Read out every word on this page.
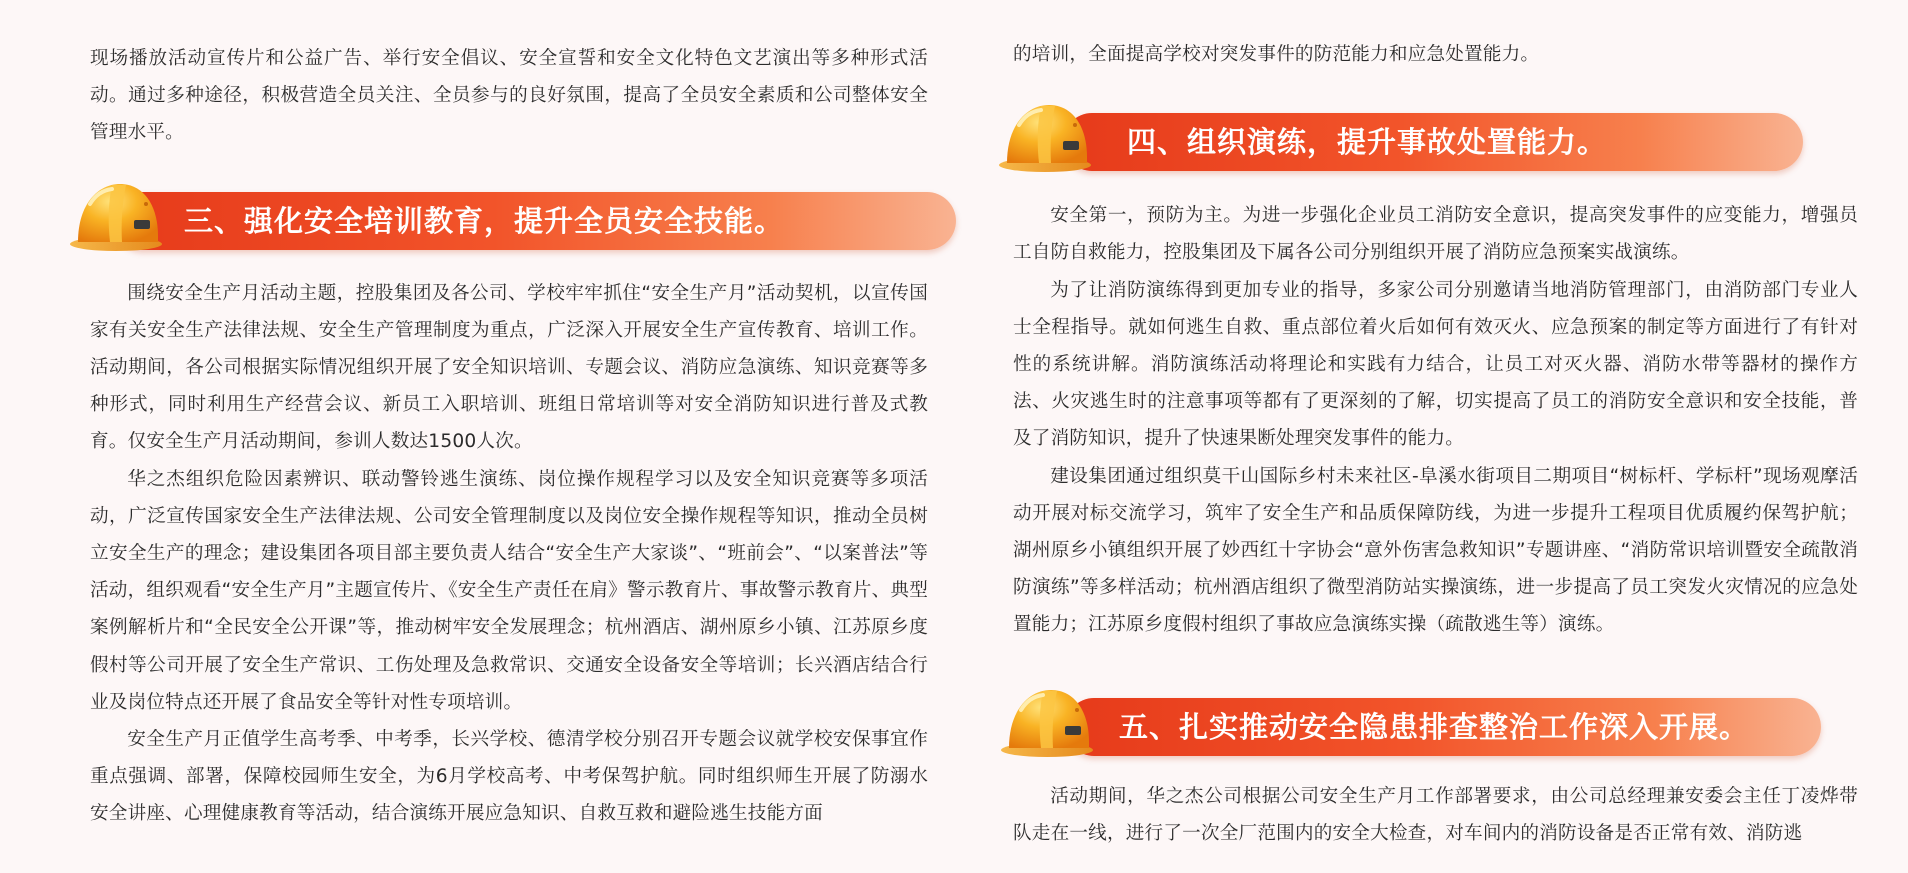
现场播放活动宣传片和公益广告、举行安全倡议、安全宣誓和安全文化特色文艺演出等多种形式活动。通过多种途径，积极营造全员关注、全员参与的良好氛围，提高了全员安全素质和公司整体安全管理水平。

三、强化安全培训教育，提升全员安全技能。

围绕安全生产月活动主题，控股集团及各公司、学校牢牢抓住“安全生产月”活动契机，以宣传国家有关安全生产法律法规、安全生产管理制度为重点，广泛深入开展安全生产宣传教育、培训工作。活动期间，各公司根据实际情况组织开展了安全知识培训、专题会议、消防应急演练、知识竞赛等多种形式，同时利用生产经营会议、新员工入职培训、班组日常培训等对安全消防知识进行普及式教育。仅安全生产月活动期间，参训人数达1500人次。

华之杰组织危险因素辨识、联动警铃逃生演练、岗位操作规程学习以及安全知识竞赛等多项活动，广泛宣传国家安全生产法律法规、公司安全管理制度以及岗位安全操作规程等知识，推动全员树立安全生产的理念；建设集团各项目部主要负责人结合“安全生产大家谈”、“班前会”、“以案普法”等活动，组织观看“安全生产月”主题宣传片、《安全生产责任在肩》警示教育片、事故警示教育片、典型案例解析片和“全民安全公开课”等，推动树牢安全发展理念；杭州酒店、湖州原乡小镇、江苏原乡度假村等公司开展了安全生产常识、工伤处理及急救常识、交通安全设备安全等培训；长兴酒店结合行业及岗位特点还开展了食品安全等针对性专项培训。

安全生产月正值学生高考季、中考季，长兴学校、德清学校分别召开专题会议就学校安保事宜作重点强调、部署，保障校园师生安全，为6月学校高考、中考保驾护航。同时组织师生开展了防溺水安全讲座、心理健康教育等活动，结合演练开展应急知识、自救互救和避险逃生技能方面

的培训，全面提高学校对突发事件的防范能力和应急处置能力。

四、组织演练，提升事故处置能力。

安全第一，预防为主。为进一步强化企业员工消防安全意识，提高突发事件的应变能力，增强员工自防自救能力，控股集团及下属各公司分别组织开展了消防应急预案实战演练。

为了让消防演练得到更加专业的指导，多家公司分别邀请当地消防管理部门，由消防部门专业人士全程指导。就如何逃生自救、重点部位着火后如何有效灭火、应急预案的制定等方面进行了有针对性的系统讲解。消防演练活动将理论和实践有力结合，让员工对灭火器、消防水带等器材的操作方法、火灾逃生时的注意事项等都有了更深刻的了解，切实提高了员工的消防安全意识和安全技能，普及了消防知识，提升了快速果断处理突发事件的能力。

建设集团通过组织莫干山国际乡村未来社区-阜溪水街项目二期项目“树标杆、学标杆”现场观摩活动开展对标交流学习，筑牢了安全生产和品质保障防线，为进一步提升工程项目优质履约保驾护航；湖州原乡小镇组织开展了妙西红十字协会“意外伤害急救知识”专题讲座、“消防常识培训暨安全疏散消防演练”等多样活动；杭州酒店组织了微型消防站实操演练，进一步提高了员工突发火灾情况的应急处置能力；江苏原乡度假村组织了事故应急演练实操（疏散逃生等）演练。

五、扎实推动安全隐患排查整治工作深入开展。

活动期间，华之杰公司根据公司安全生产月工作部署要求，由公司总经理兼安委会主任丁凌烨带队走在一线，进行了一次全厂范围内的安全大检查，对车间内的消防设备是否正常有效、消防逃
